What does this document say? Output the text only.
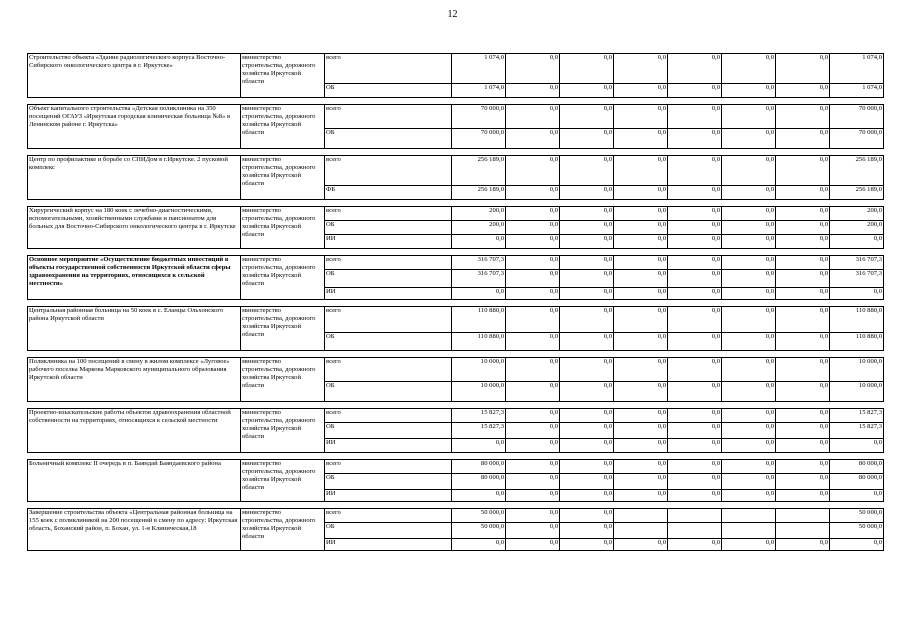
12
Строительство объекта «Здание радиологического корпуса Восточно-Сибирского онкологического центра в г. Иркутске»	министерство строительства, дорожного хозяйства Иркутской области	всего	1 074,0	0,0	0,0	0,0	0,0	0,0	0,0	1 074,0
		ОБ	1 074,0	0,0	0,0	0,0	0,0	0,0	0,0	1 074,0

Объект капитального строительства «Детская поликлиника на 350 посещений ОГАУЗ «Иркутская городская клиническая больница №8» в Ленинском районе г. Иркутска»	министерство строительства, дорожного хозяйства Иркутской области	всего	70 000,0	0,0	0,0	0,0	0,0	0,0	0,0	70 000,0
		ОБ	70 000,0	0,0	0,0	0,0	0,0	0,0	0,0	70 000,0

Центр по профилактике и борьбе со СПИДом в г.Иркутске. 2 пусковой комплекс	министерство строительства, дорожного хозяйства Иркутской области	всего	256 189,0	0,0	0,0	0,0	0,0	0,0	0,0	256 189,0
		ФБ	256 189,0	0,0	0,0	0,0	0,0	0,0	0,0	256 189,0

Хирургический корпус на 180 коек с лечебно-диагностическими, вспомогательными, хозяйственными службами и пансионатом для больных для Восточно-Сибирского онкологического центра в г. Иркутске	министерство строительства, дорожного хозяйства Иркутской области	всего	200,0	0,0	0,0	0,0	0,0	0,0	0,0	200,0
		ОБ	200,0	0,0	0,0	0,0	0,0	0,0	0,0	200,0
		ИИ	0,0	0,0	0,0	0,0	0,0	0,0	0,0	0,0

Основное мероприятие «Осуществление бюджетных инвестиций в объекты государственной собственности Иркутской области сферы здравоохранения на территориях, относящихся к сельской местности»	министерство строительства, дорожного хозяйства Иркутской области	всего	316 707,3	0,0	0,0	0,0	0,0	0,0	0,0	316 707,3
		ОБ	316 707,3	0,0	0,0	0,0	0,0	0,0	0,0	316 707,3
		ИИ	0,0	0,0	0,0	0,0	0,0	0,0	0,0	0,0

Центральная районная больница на 50 коек в с. Еланцы Ольхонского района Иркутской области	министерство строительства, дорожного хозяйства Иркутской области	всего	110 880,0	0,0	0,0	0,0	0,0	0,0	0,0	110 880,0
		ОБ	110 880,0	0,0	0,0	0,0	0,0	0,0	0,0	110 880,0

Поликлиника на 100 посещений в смену в жилом комплексе «Луговое» рабочего поселка Маркова Марковского муниципального образования Иркутской области	министерство строительства, дорожного хозяйства Иркутской области	всего	10 000,0	0,0	0,0	0,0	0,0	0,0	0,0	10 000,0
		ОБ	10 000,0	0,0	0,0	0,0	0,0	0,0	0,0	10 000,0

Проектно-изыскательские работы объектов здравоохранения областной собственности на территориях, относящихся к сельской местности	министерство строительства, дорожного хозяйства Иркутской области	всего	15 827,3	0,0	0,0	0,0	0,0	0,0	0,0	15 827,3
		ОБ	15 827,3	0,0	0,0	0,0	0,0	0,0	0,0	15 827,3
		ИИ	0,0	0,0	0,0	0,0	0,0	0,0	0,0	0,0

Больничный комплекс II очередь в п. Баяндай Баяндаевского района	министерство строительства, дорожного хозяйства Иркутской области	всего	80 000,0	0,0	0,0	0,0	0,0	0,0	0,0	80 000,0
		ОБ	80 000,0	0,0	0,0	0,0	0,0	0,0	0,0	80 000,0
		ИИ	0,0	0,0	0,0	0,0	0,0	0,0	0,0	0,0

Завершение строительства объекта «Центральная районная больница на 155 коек с поликлиникой на 200 посещений в смену по адресу: Иркутская область, Боханский район, п. Бохан, ул. 1-я Клиническая,18	министерство строительства, дорожного хозяйства Иркутской области	всего	50 000,0	0,0	0,0					50 000,0
		ОБ	50 000,0	0,0	0,0					50 000,0
		ИИ	0,0	0,0	0,0	0,0	0,0	0,0	0,0	0,0
